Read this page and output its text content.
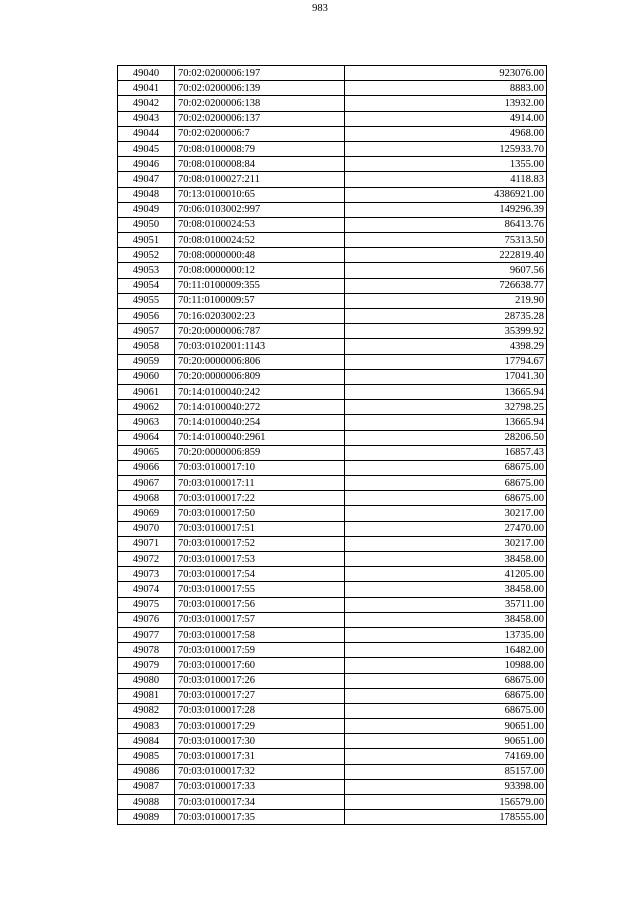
983
49040	70:02:0200006:197	923076.00
49041	70:02:0200006:139	8883.00
49042	70:02:0200006:138	13932.00
49043	70:02:0200006:137	4914.00
49044	70:02:0200006:7	4968.00
49045	70:08:0100008:79	125933.70
49046	70:08:0100008:84	1355.00
49047	70:08:0100027:211	4118.83
49048	70:13:0100010:65	4386921.00
49049	70:06:0103002:997	149296.39
49050	70:08:0100024:53	86413.76
49051	70:08:0100024:52	75313.50
49052	70:08:0000000:48	222819.40
49053	70:08:0000000:12	9607.56
49054	70:11:0100009:355	726638.77
49055	70:11:0100009:57	219.90
49056	70:16:0203002:23	28735.28
49057	70:20:0000006:787	35399.92
49058	70:03:0102001:1143	4398.29
49059	70:20:0000006:806	17794.67
49060	70:20:0000006:809	17041.30
49061	70:14:0100040:242	13665.94
49062	70:14:0100040:272	32798.25
49063	70:14:0100040:254	13665.94
49064	70:14:0100040:2961	28206.50
49065	70:20:0000006:859	16857.43
49066	70:03:0100017:10	68675.00
49067	70:03:0100017:11	68675.00
49068	70:03:0100017:22	68675.00
49069	70:03:0100017:50	30217.00
49070	70:03:0100017:51	27470.00
49071	70:03:0100017:52	30217.00
49072	70:03:0100017:53	38458.00
49073	70:03:0100017:54	41205.00
49074	70:03:0100017:55	38458.00
49075	70:03:0100017:56	35711.00
49076	70:03:0100017:57	38458.00
49077	70:03:0100017:58	13735.00
49078	70:03:0100017:59	16482.00
49079	70:03:0100017:60	10988.00
49080	70:03:0100017:26	68675.00
49081	70:03:0100017:27	68675.00
49082	70:03:0100017:28	68675.00
49083	70:03:0100017:29	90651.00
49084	70:03:0100017:30	90651.00
49085	70:03:0100017:31	74169.00
49086	70:03:0100017:32	85157.00
49087	70:03:0100017:33	93398.00
49088	70:03:0100017:34	156579.00
49089	70:03:0100017:35	178555.00
